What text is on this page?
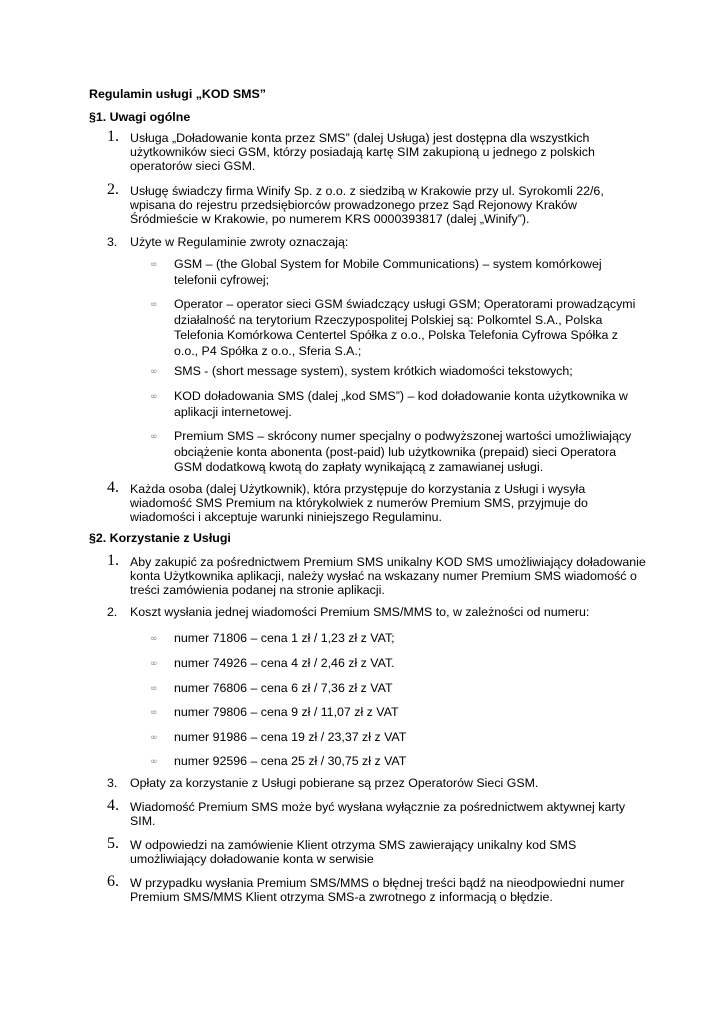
Regulamin usługi „KOD SMS”
§1. Uwagi ogólne
1. Usługa „Doładowanie konta przez SMS” (dalej Usługa) jest dostępna dla wszystkich
użytkowników sieci GSM, którzy posiadają kartę SIM zakupioną u jednego z polskich
operatorów sieci GSM.
2. Usługę świadczy firma Winify Sp. z o.o. z siedzibą w Krakowie przy ul. Syrokomli 22/6,
wpisana do rejestru przedsiębiorców prowadzonego przez Sąd Rejonowy Kraków
Śródmieście w Krakowie, po numerem KRS 0000393817 (dalej „Winify”).
3.	Użyte w Regulaminie zwroty oznaczają:
∞ GSM – (the Global System for Mobile Communications) – system komórkowej
telefonii cyfrowej;
∞ Operator – operator sieci GSM świadczący usługi GSM; Operatorami prowadzącymi
działalność na terytorium Rzeczypospolitej Polskiej są: Polkomtel S.A., Polska
Telefonia Komórkowa Centertel Spółka z o.o., Polska Telefonia Cyfrowa Spółka z
o.o., P4 Spółka z o.o., Sferia S.A.;
∞ SMS - (short message system), system krótkich wiadomości tekstowych;
∞ KOD doładowania SMS (dalej „kod SMS”) – kod doładowanie konta użytkownika w
aplikacji internetowej.
∞ Premium SMS – skrócony numer specjalny o podwyższonej wartości umożliwiający
obciążenie konta abonenta (post-paid) lub użytkownika (prepaid) sieci Operatora
GSM dodatkową kwotą do zapłaty wynikającą z zamawianej usługi.
4. Każda osoba (dalej Użytkownik), która przystępuje do korzystania z Usługi i wysyła
wiadomość SMS Premium na którykolwiek z numerów Premium SMS, przyjmuje do
wiadomości i akceptuje warunki niniejszego Regulaminu.
§2. Korzystanie z Usługi
1. Aby zakupić za pośrednictwem Premium SMS unikalny KOD SMS umożliwiający doładowanie
konta Użytkownika aplikacji, należy wysłać na wskazany numer Premium SMS wiadomość o
treści zamówienia podanej na stronie aplikacji.
2.	Koszt wysłania jednej wiadomości Premium SMS/MMS to, w zależności od numeru:
∞ numer 71806 – cena 1 zł / 1,23 zł z VAT;
∞ numer 74926 – cena 4 zł / 2,46 zł z VAT.
∞ numer 76806 – cena 6 zł / 7,36 zł z VAT
∞ numer 79806 – cena 9 zł / 11,07 zł z VAT
∞ numer 91986 – cena 19 zł / 23,37 zł z VAT
∞ numer 92596 – cena 25 zł / 30,75 zł z VAT
3.	Opłaty za korzystanie z Usługi pobierane są przez Operatorów Sieci GSM.
4. Wiadomość Premium SMS może być wysłana wyłącznie za pośrednictwem aktywnej karty
SIM.
5. W odpowiedzi na zamówienie Klient otrzyma SMS zawierający unikalny kod SMS
umożliwiający doładowanie konta w serwisie
6. W przypadku wysłania Premium SMS/MMS o błędnej treści bądź na nieodpowiedni numer
Premium SMS/MMS Klient otrzyma SMS-a zwrotnego z informacją o błędzie.
